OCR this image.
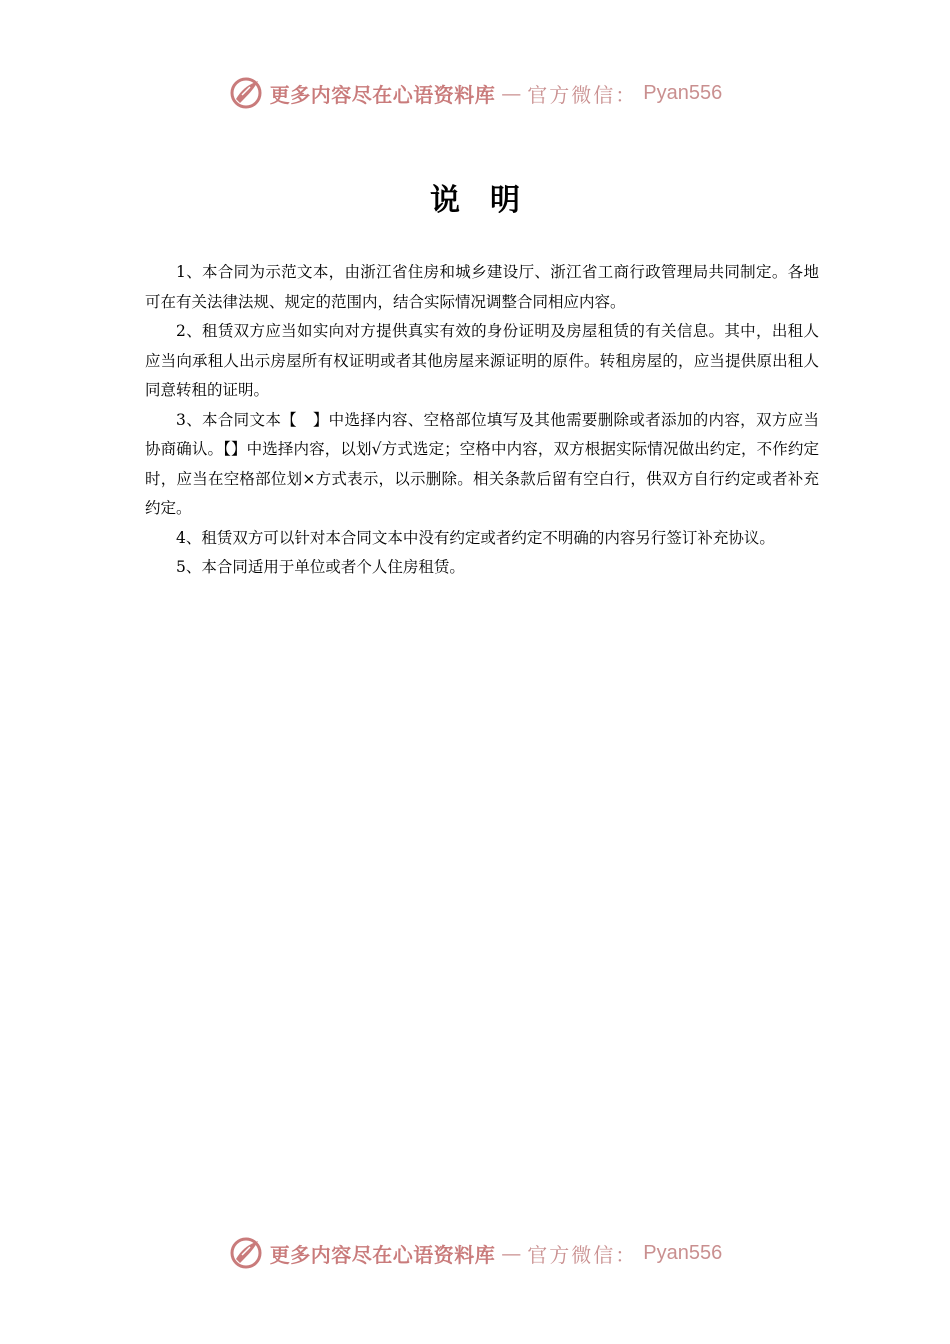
更多内容尽在心语资料库 — 官方微信： Pyan556
说明

1、本合同为示范文本，由浙江省住房和城乡建设厅、浙江省工商行政管理局共同制定。各地可在有关法律法规、规定的范围内，结合实际情况调整合同相应内容。

2、租赁双方应当如实向对方提供真实有效的身份证明及房屋租赁的有关信息。其中，出租人应当向承租人出示房屋所有权证明或者其他房屋来源证明的原件。转租房屋的，应当提供原出租人同意转租的证明。

3、本合同文本【　】中选择内容、空格部位填写及其他需要删除或者添加的内容，双方应当协商确认。【】中选择内容，以划√方式选定；空格中内容，双方根据实际情况做出约定，不作约定时，应当在空格部位划×方式表示，以示删除。相关条款后留有空白行，供双方自行约定或者补充约定。

4、租赁双方可以针对本合同文本中没有约定或者约定不明确的内容另行签订补充协议。

5、本合同适用于单位或者个人住房租赁。

更多内容尽在心语资料库 — 官方微信： Pyan556
